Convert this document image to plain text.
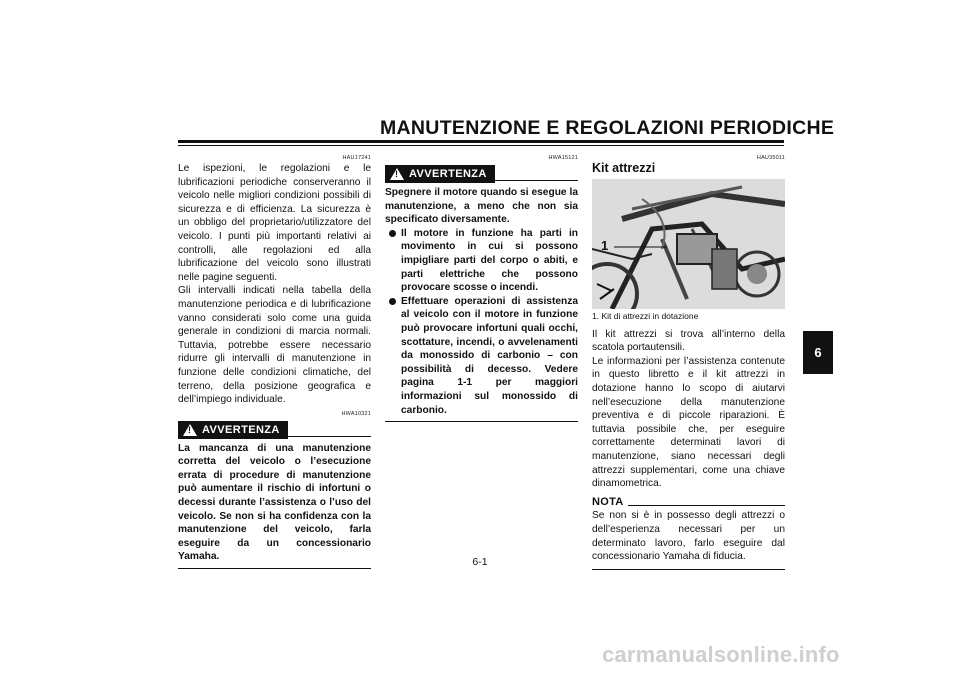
MANUTENZIONE E REGOLAZIONI PERIODICHE
HAU17241

Le ispezioni, le regolazioni e le lubrificazioni periodiche conserveranno il veicolo nelle migliori condizioni possibili di sicurezza e di efficienza. La sicurezza è un obbligo del proprietario/utilizzatore del veicolo. I punti più importanti relativi ai controlli, alle regolazioni ed alla lubrificazione del veicolo sono illustrati nelle pagine seguenti.

Gli intervalli indicati nella tabella della manutenzione periodica e di lubrificazione vanno considerati solo come una guida generale in condizioni di marcia normali. Tuttavia, potrebbe essere necessario ridurre gli intervalli di manutenzione in funzione delle condizioni climatiche, del terreno, della posizione geografica e dell’impiego individuale.

HWA10321
!
AVVERTENZA
La mancanza di una manutenzione corretta del veicolo o l’esecuzione errata di procedure di manutenzione può aumentare il rischio di infortuni o decessi durante l’assistenza o l’uso del veicolo. Se non si ha confidenza con la manutenzione del veicolo, farla eseguire da un concessionario Yamaha.
HWA15121
!
AVVERTENZA
Spegnere il motore quando si esegue la manutenzione, a meno che non sia specificato diversamente.
Il motore in funzione ha parti in movimento in cui si possono impigliare parti del corpo o abiti, e parti elettriche che possono provocare scosse o incendi.
Effettuare operazioni di assistenza al veicolo con il motore in funzione può provocare infortuni quali occhi, scottature, incendi, o avvelenamenti da monossido di carbonio – con possibilità di decesso. Vedere pagina 1-1 per maggiori informazioni sul monossido di carbonio.
HAU35011
Kit attrezzi
1
1. Kit di attrezzi in dotazione

Il kit attrezzi si trova all’interno della scatola portautensili.

Le informazioni per l’assistenza contenute in questo libretto e il kit attrezzi in dotazione hanno lo scopo di aiutarvi nell’esecuzione della manutenzione preventiva e di piccole riparazioni. È tuttavia possibile che, per eseguire correttamente determinati lavori di manutenzione, siano necessari degli attrezzi supplementari, come una chiave dinamometrica.

NOTA
Se non si è in possesso degli attrezzi o dell’esperienza necessari per un determinato lavoro, farlo eseguire dal concessionario Yamaha di fiducia.
6
6-1
carmanualsonline.info
